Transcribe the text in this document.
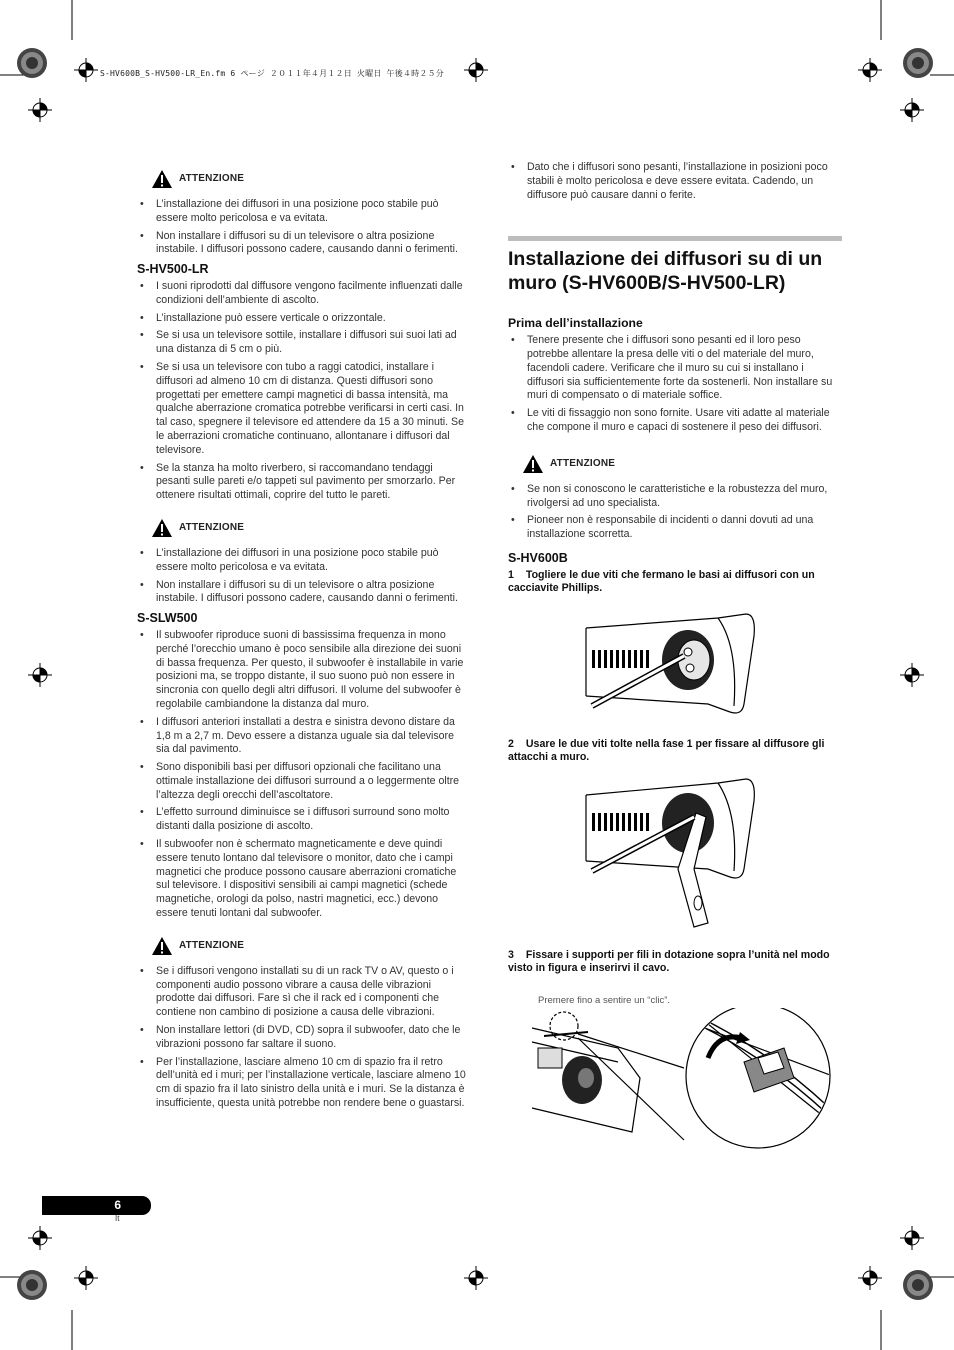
S-HV600B_S-HV500-LR_En.fm 6 ページ ２０１１年４月１２日 火曜日 午後４時２５分
ATTENZIONE
• L’installazione dei diffusori in una posizione poco stabile può essere molto pericolosa e va evitata.
• Non installare i diffusori su di un televisore o altra posizione instabile. I diffusori possono cadere, causando danni o ferimenti.
S-HV500-LR
• I suoni riprodotti dal diffusore vengono facilmente influenzati dalle condizioni dell’ambiente di ascolto.
• L’installazione può essere verticale o orizzontale.
• Se si usa un televisore sottile, installare i diffusori sui suoi lati ad una distanza di 5 cm o più.
• Se si usa un televisore con tubo a raggi catodici, installare i diffusori ad almeno 10 cm di distanza. Questi diffusori sono progettati per emettere campi magnetici di bassa intensità, ma qualche aberrazione cromatica potrebbe verificarsi in certi casi. In tal caso, spegnere il televisore ed attendere da 15 a 30 minuti. Se le aberrazioni cromatiche continuano, allontanare i diffusori dal televisore.
• Se la stanza ha molto riverbero, si raccomandano tendaggi pesanti sulle pareti e/o tappeti sul pavimento per smorzarlo. Per ottenere risultati ottimali, coprire del tutto le pareti.
ATTENZIONE
• L’installazione dei diffusori in una posizione poco stabile può essere molto pericolosa e va evitata.
• Non installare i diffusori su di un televisore o altra posizione instabile. I diffusori possono cadere, causando danni o ferimenti.
S-SLW500
• Il subwoofer riproduce suoni di bassissima frequenza in mono perché l’orecchio umano è poco sensibile alla direzione dei suoni di bassa frequenza. Per questo, il subwoofer è installabile in varie posizioni ma, se troppo distante, il suo suono può non essere in sincronia con quello degli altri diffusori. Il volume del subwoofer è regolabile cambiandone la distanza dal muro.
• I diffusori anteriori installati a destra e sinistra devono distare da 1,8 m a 2,7 m. Devo essere a distanza uguale sia dal televisore sia dal pavimento.
• Sono disponibili basi per diffusori opzionali che facilitano una ottimale installazione dei diffusori surround a o leggermente oltre l’altezza degli orecchi dell’ascoltatore.
• L’effetto surround diminuisce se i diffusori surround sono molto distanti dalla posizione di ascolto.
• Il subwoofer non è schermato magneticamente e deve quindi essere tenuto lontano dal televisore o monitor, dato che i campi magnetici che produce possono causare aberrazioni cromatiche sul televisore. I dispositivi sensibili ai campi magnetici (schede magnetiche, orologi da polso, nastri magnetici, ecc.) devono essere tenuti lontani dal subwoofer.
ATTENZIONE
• Se i diffusori vengono installati su di un rack TV o AV, questo o i componenti audio possono vibrare a causa delle vibrazioni prodotte dai diffusori. Fare sì che il rack ed i componenti che contiene non cambino di posizione a causa delle vibrazioni.
• Non installare lettori (di DVD, CD) sopra il subwoofer, dato che le vibrazioni possono far saltare il suono.
• Per l’installazione, lasciare almeno 10 cm di spazio fra il retro dell’unità ed i muri; per l’installazione verticale, lasciare almeno 10 cm di spazio fra il lato sinistro della unità e i muri. Se la distanza è insufficiente, questa unità potrebbe non rendere bene o guastarsi.
• Dato che i diffusori sono pesanti, l’installazione in posizioni poco stabili è molto pericolosa e deve essere evitata. Cadendo, un diffusore può causare danni o ferite.
Installazione dei diffusori su di un muro (S-HV600B/S-HV500-LR)
Prima dell’installazione
• Tenere presente che i diffusori sono pesanti ed il loro peso potrebbe allentare la presa delle viti o del materiale del muro, facendoli cadere. Verificare che il muro su cui si installano i diffusori sia sufficientemente forte da sostenerli. Non installare su muri di compensato o di materiale soffice.
• Le viti di fissaggio non sono fornite. Usare viti adatte al materiale che compone il muro e capaci di sostenere il peso dei diffusori.
ATTENZIONE
• Se non si conoscono le caratteristiche e la robustezza del muro, rivolgersi ad uno specialista.
• Pioneer non è responsabile di incidenti o danni dovuti ad una installazione scorretta.
S-HV600B
1 Togliere le due viti che fermano le basi ai diffusori con un cacciavite Phillips.
2 Usare le due viti tolte nella fase 1 per fissare al diffusore gli attacchi a muro.
3 Fissare i supporti per fili in dotazione sopra l’unità nel modo visto in figura e inserirvi il cavo.
Premere fino a sentire un “clic”.
6
It
